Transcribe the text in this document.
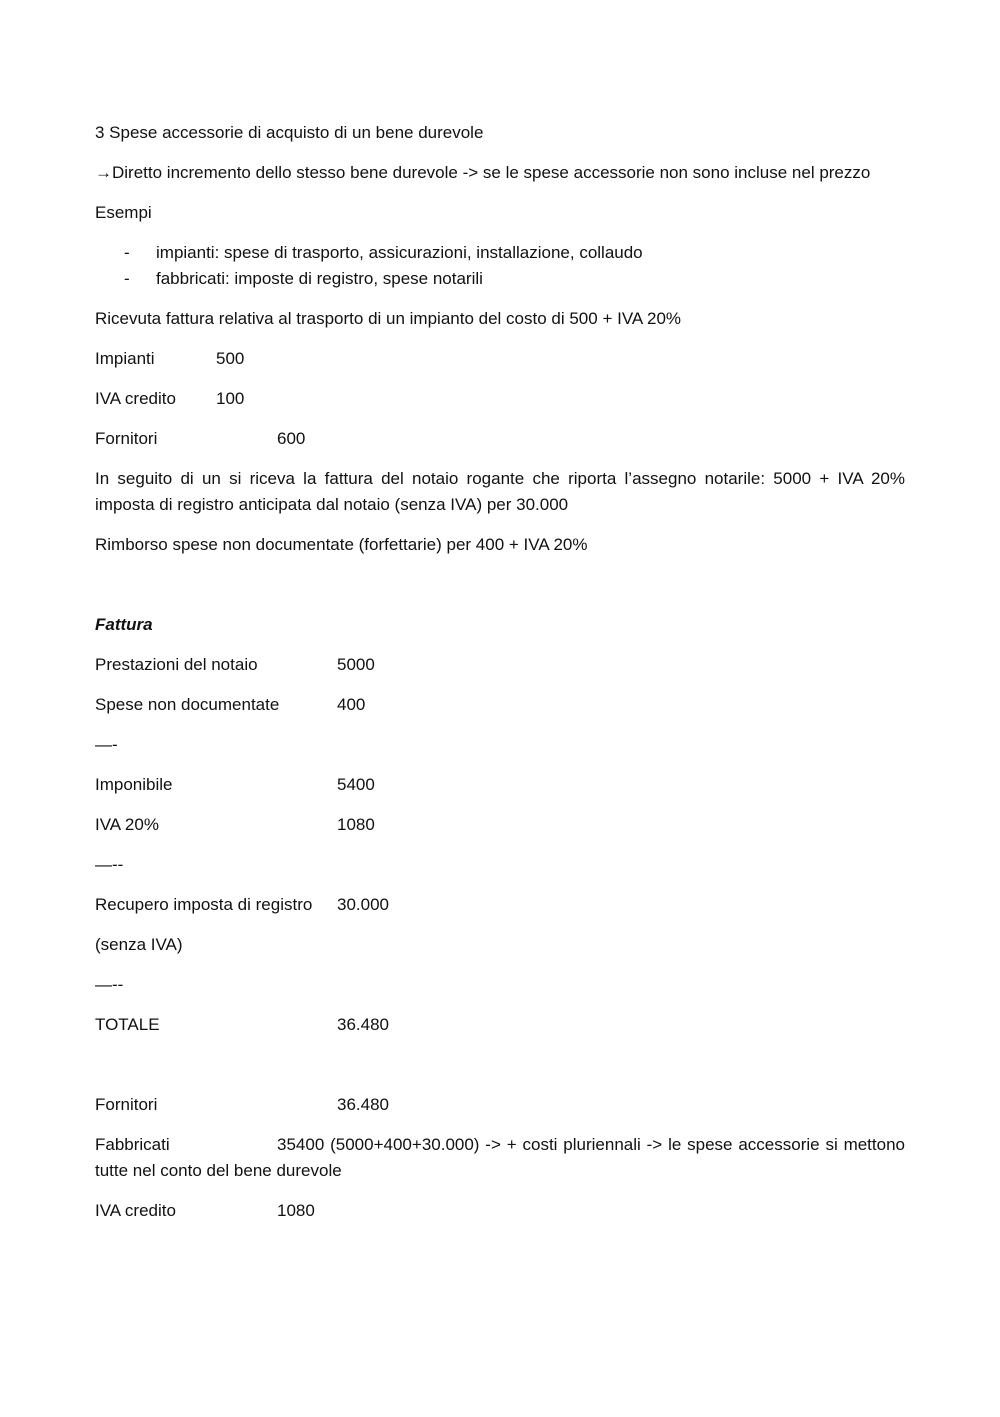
3 Spese accessorie di acquisto di un bene durevole

→Diretto incremento dello stesso bene durevole -> se le spese accessorie non sono incluse nel prezzo

Esempi

- impianti: spese di trasporto, assicurazioni, installazione, collaudo
- fabbricati: imposte di registro, spese notarili

Ricevuta fattura relativa al trasporto di un impianto del costo di 500 + IVA 20%

Impianti	500
IVA credito 100
Fornitori	600

In seguito di un si riceva la fattura del notaio rogante che riporta l’assegno notarile: 5000 + IVA 20% imposta di registro anticipata dal notaio (senza IVA) per 30.000

Rimborso spese non documentate (forfettarie) per 400 + IVA 20%

Fattura

Prestazioni del notaio	5000
Spese non documentate	400
—-
Imponibile	5400
IVA 20%	1080
—--
Recupero imposta di registro 30.000
(senza IVA)
—--
TOTALE	36.480
Fornitori	36.480
Fabbricati	35400 (5000+400+30.000) -> + costi pluriennali -> le spese accessorie si mettono tutte nel conto del bene durevole
IVA credito	1080
